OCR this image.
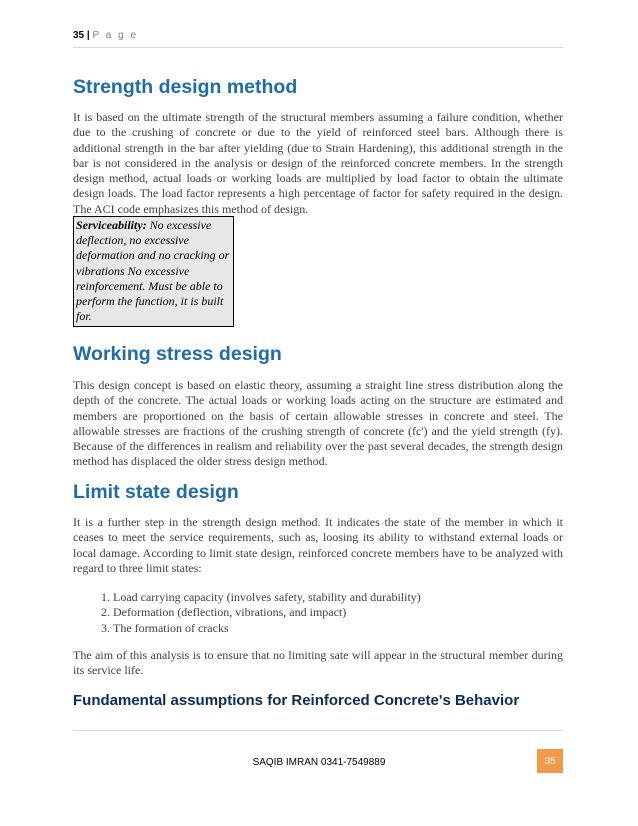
35 | P a g e
Strength design method

It is based on the ultimate strength of the structural members assuming a failure condition, whether due to the crushing of concrete or due to the yield of reinforced steel bars. Although there is additional strength in the bar after yielding (due to Strain Hardening), this additional strength in the bar is not considered in the analysis or design of the reinforced concrete members. In the strength design method, actual loads or working loads are multiplied by load factor to obtain the ultimate design loads. The load factor represents a high percentage of factor for safety required in the design. The ACI code emphasizes this method of design.

Serviceability: No excessive deflection, no excessive deformation and no cracking or vibrations No excessive reinforcement. Must be able to perform the function, it is built for.
Working stress design

This design concept is based on elastic theory, assuming a straight line stress distribution along the depth of the concrete. The actual loads or working loads acting on the structure are estimated and members are proportioned on the basis of certain allowable stresses in concrete and steel. The allowable stresses are fractions of the crushing strength of concrete (fc') and the yield strength (fy). Because of the differences in realism and reliability over the past several decades, the strength design method has displaced the older stress design method.

Limit state design

It is a further step in the strength design method. It indicates the state of the member in which it ceases to meet the service requirements, such as, loosing its ability to withstand external loads or local damage. According to limit state design, reinforced concrete members have to be analyzed with regard to three limit states:

1. Load carrying capacity (involves safety, stability and durability)
2. Deformation (deflection, vibrations, and impact)
3. The formation of cracks

The aim of this analysis is to ensure that no limiting sate will appear in the structural member during its service life.

Fundamental assumptions for Reinforced Concrete's Behavior
SAQIB IMRAN 0341-7549889	35
